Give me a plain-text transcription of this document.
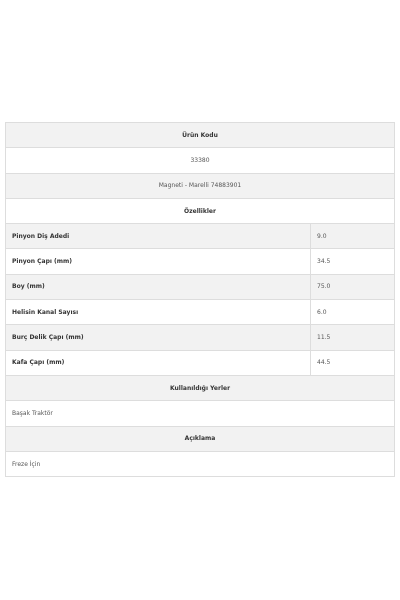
Ürün Kodu	
33380	
Magneti - Marelli 74883901	
Özellikler	
Pinyon Diş Adedi	9.0
Pinyon Çapı (mm)	34.5
Boy (mm)	75.0
Helisin Kanal Sayısı	6.0
Burç Delik Çapı (mm)	11.5
Kafa Çapı (mm)	44.5
Kullanıldığı Yerler	
Başak Traktör	
Açıklama	
Freze İçin	
